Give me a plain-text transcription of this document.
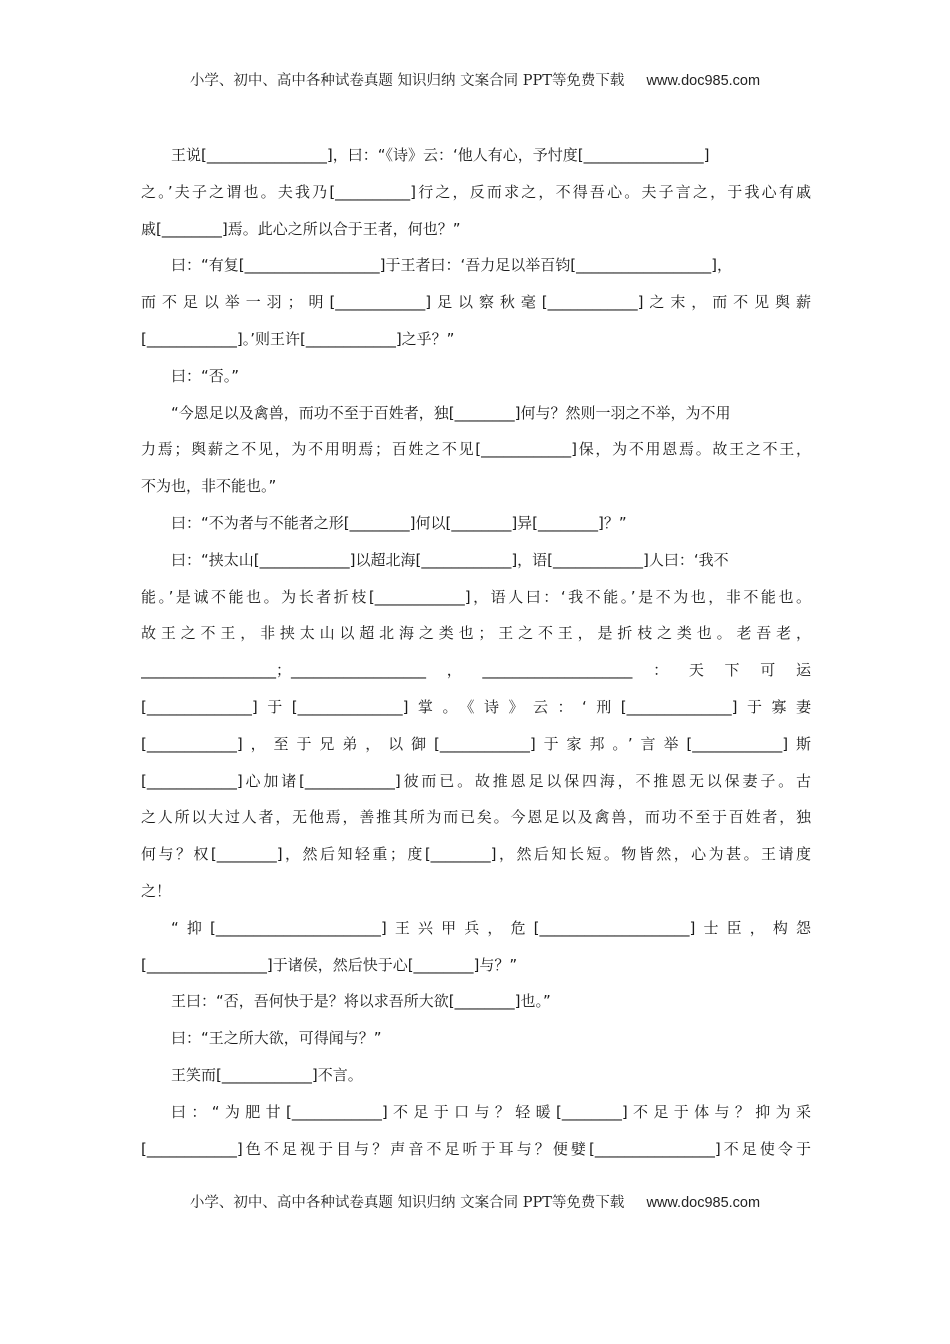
小学、初中、高中各种试卷真题 知识归纳 文案合同 PPT等免费下载 www.doc985.com
王说[________________]，曰：“《诗》云：‘他人有心，予忖度[________________]
之。’夫子之谓也。夫我乃[__________]行之，反而求之，不得吾心。夫子言之，于我心有戚
戚[________]焉。此心之所以合于王者，何也？”
曰：“有复[__________________]于王者曰：‘吾力足以举百钧[__________________]，
而不足以举一羽；明[____________]足以察秋毫[____________]之末，而不见舆薪
[____________]。’则王许[____________]之乎？”
曰：“否。”
“今恩足以及禽兽，而功不至于百姓者，独[________]何与？然则一羽之不举，为不用
力焉；舆薪之不见，为不用明焉；百姓之不见[____________]保，为不用恩焉。故王之不王，
不为也，非不能也。”
曰：“不为者与不能者之形[________]何以[________]异[________]？”
曰：“挟太山[____________]以超北海[____________]，语[____________]人曰：‘我不
能。’是诚不能也。为长者折枝[____________]，语人曰：‘我不能。’是不为也，非不能也。
故王之不王，非挟太山以超北海之类也；王之不王，是折枝之类也。老吾老，
__________________；__________________，____________________：天下可运
[______________]于[______________]掌。《诗》云：‘刑[______________]于寡妻
[____________]，至于兄弟，以御[____________]于家邦。’言举[____________]斯
[____________]心加诸[____________]彼而已。故推恩足以保四海，不推恩无以保妻子。古
之人所以大过人者，无他焉，善推其所为而已矣。今恩足以及禽兽，而功不至于百姓者，独
何与？权[________]，然后知轻重；度[________]，然后知长短。物皆然，心为甚。王请度
之！
“抑[______________________]王兴甲兵，危[____________________]士臣，构怨
[________________]于诸侯，然后快于心[________]与？”
王曰：“否，吾何快于是？将以求吾所大欲[________]也。”
曰：“王之所大欲，可得闻与？”
王笑而[____________]不言。
曰：“为肥甘[____________]不足于口与？轻暖[________]不足于体与？抑为采
[____________]色不足视于目与？声音不足听于耳与？便嬖[________________]不足使令于
小学、初中、高中各种试卷真题 知识归纳 文案合同 PPT等免费下载 www.doc985.com
